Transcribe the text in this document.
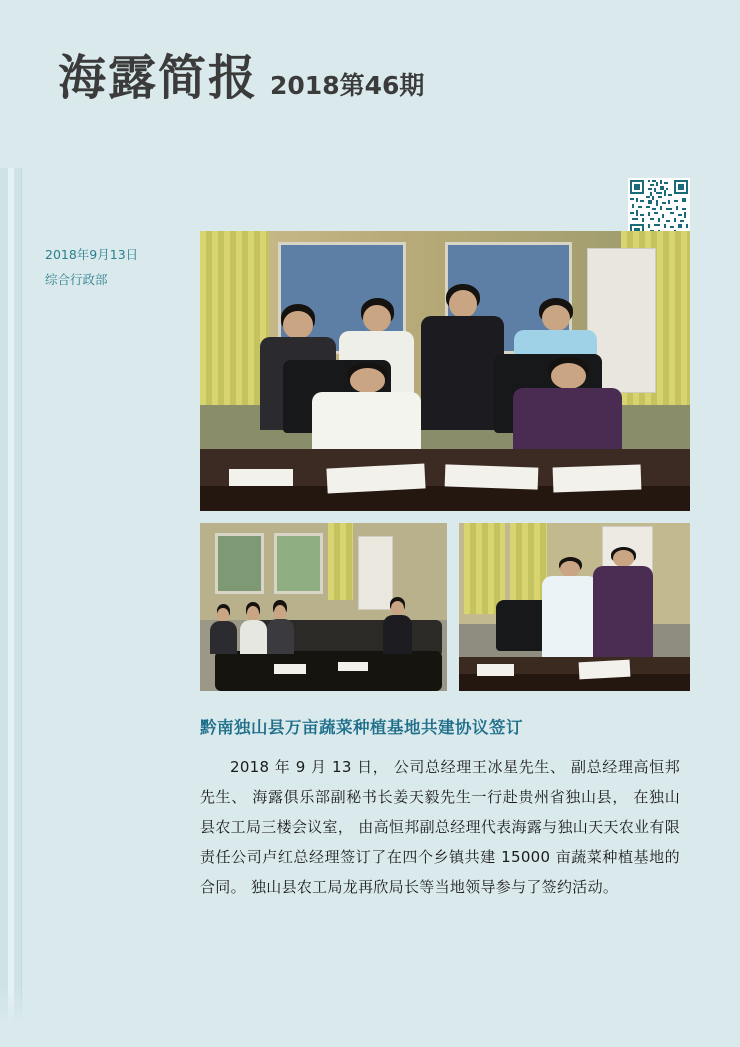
海露简报 2018第46期
2018年9月13日
综合行政部
黔南独山县万亩蔬菜种植基地共建协议签订

2018 年 9 月 13 日， 公司总经理王冰星先生、 副总经理高恒邦先生、 海露俱乐部副秘书长姜天毅先生一行赴贵州省独山县， 在独山县农工局三楼会议室， 由高恒邦副总经理代表海露与独山天天农业有限责任公司卢红总经理签订了在四个乡镇共建 15000 亩蔬菜种植基地的合同。 独山县农工局龙再欣局长等当地领导参与了签约活动。
